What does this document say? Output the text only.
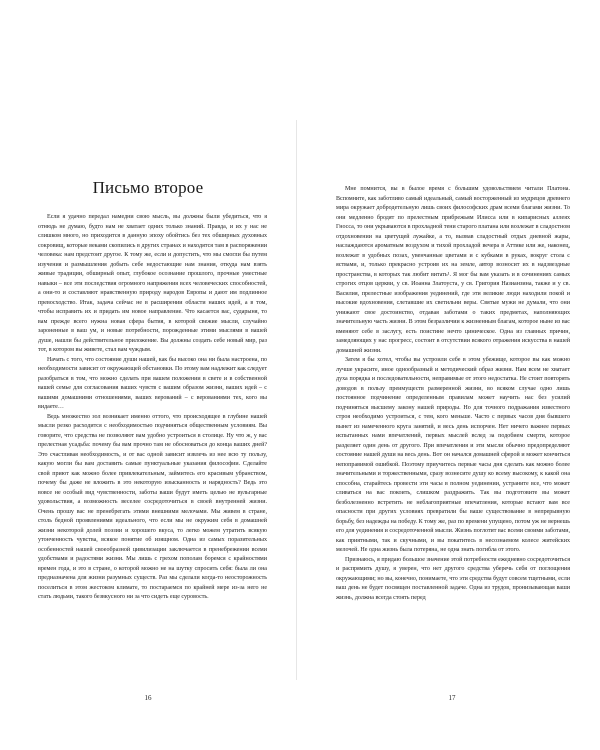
Письмо второе

Если я удачно передал намедни свою мысль, вы должны были убедиться, что я отнюдь не думаю, будто нам не хватает одних только знаний. Правда, и их у нас не слишком много, но приходится в данную эпоху обойтись без тех обширных духовных сокровищ, которые веками скопились в других странах и находятся там в распоряжении человека: нам предстоит другое. К тому же, если и допустить, что мы смогли бы путем изучения и размышления добыть себе недостающие нам знания, откуда нам взять живые традиции, обширный опыт, глубокое осознание прошлого, прочные уместные навыки – все эти последствия огромного напряжения всех человеческих способностей, а они-то и составляют нравственную природу народов Европы и дают им подлинное превосходство. Итак, задача сейчас не в расширении области наших идей, а в том, чтобы исправить их и придать им новое направление. Что касается вас, сударыня, то вам прежде всего нужна новая сфера бытия, в которой свежие мысли, случайно зароненные в ваш ум, и новые потребности, порожденные этими мыслями в вашей душе, нашли бы действительное приложение. Вы должны создать себе новый мир, раз тот, в котором вы живете, стал вам чуждым.

Начать с того, что состояние души нашей, как бы высоко она ни была настроена, по необходимости зависит от окружающей обстановки. По этому вам надлежит как следует разобраться в том, что можно сделать при вашем положении в свете и в собственной вашей семье для согласования ваших чувств с вашим образом жизни, ваших идей – с вашими домашними отношениями, ваших верований – с верованиями тех, кого вы видаете…

Ведь множество зол возникает именно оттого, что происходящее в глубине нашей мысли резко расходится с необходимостью подчиняться общественным условиям. Вы говорите, что средства не позволяют вам удобно устроиться в столице. Ну что ж, у вас прелестная усадьба: почему бы вам прочно там не обосноваться до конца ваших дней? Это счастливая необходимость, и от вас одной зависит извлечь из нее всю ту пользу, какую могли бы вам доставить самые пунктуальные указания философии. Сделайте свой приют как можно более привлекательным, займитесь его красивым убранством, почему бы даже не вложить в это некоторую изысканность и нарядность? Ведь это вовсе не особый вид чувственности, заботы ваши будут иметь целью не вульгарные удовольствия, а возможность веселее сосредоточиться в своей внутренней жизни. Очень прошу вас не пренебрегать этими внешними мелочами. Мы живем в стране, столь бедной проявлениями идеального, что если мы не окружим себя в домашней жизни некоторой долей поэзии и хорошего вкуса, то легко можем утратить всякую утонченность чувства, всякое понятие об изящном. Одна из самых поразительных особенностей нашей своеобразной цивилизации заключается в пренебрежении всеми удобствами и радостями жизни. Мы лишь с грехом пополам боремся с крайностями времен года, и это в стране, о которой можно не на шутку спросить себя: была ли она предназначена для жизни разумных существ. Раз мы сделали когда-то неосторожность поселиться в этом жестоком климате, то постараемся по крайней мере из-за него не стать людьми, такого безвкусного ни за что сидеть еще суровость.

16

Мне помнится, вы в былое время с большим удовольствием читали Платона. Вспомните, как заботливо самый идеальный, самый восторженный из мудрецов древнего мира окружает добродетельную лишь своих философских драм всеми благами жизни. То они медленно бродят по прелестным прибрежьям Илисса или в кипарисных аллеях Гносса, то они укрываются в прохладной тени старого платана или возлежат в сладостном отдохновении на цветущей лужайке, а то, вызвав сладостный отдых дневной жары, наслаждаются ароматным воздухом и тихой прохладой вечера в Аттике или же, наконец, возлежат в удобных позах, увенчанные цветами и с кубками в руках, вокруг стола с яствами, и, только прекрасно устроив их на земле, автор возносит их в надзвездные пространства, в которых так любит витать¹. Я мог бы вам указать и в сочинениях самых строгих отцов церкви, у св. Иоанна Златоуста, у св. Григория Назианзина, также и у св. Василия, прелестные изображения уединений, где эти великие люди находили покой и высокие вдохновения, слетавшие их светильни веры. Святые мужи не думали, что они унижают свое достоинство, отдавая заботами о таких предметах, наполняющих значительную часть жизни. В этом безразличии к жизненным благам, которое ныне из вас вменяют себе в заслугу, есть поистине нечто циническое. Одна из главных причин, замедляющих у нас прогресс, состоит в отсутствии всякого отражения искусства в нашей домашней жизни.

Затем я бы хотел, чтобы вы устроили себе в этом убежище, которое вы как можно лучше украсите, иное однообразный и методический образ жизни. Нам всем не хватает духа порядка и последовательности, неправимые от этого недостатка. Не стоит повторять доводов в пользу преимуществ размеренной жизни, во всяком случае одно лишь постоянное подчинение определенным правилам может научить нас без усилий подчиняться высшему закону нашей природы. Но для точного подражания известного строя необходимо устроиться, с тем, кого меньше. Часто с первых часов дня бывшего вынет из намеченного круга занятий, и весь день испорчен. Нет ничего важнее первых испытанных нами впечатлений, первых мыслей вслед за подобием смерти, которое разделяет один день от другого. При впечатления и эти мысли обычно предопределяют состояние нашей души на весь день. Вот он начался домашней сферой и может кончиться непоправимой ошибкой. Поэтому приучитесь первые часы дня сделать как можно более значительными и торжественными, сразу вознесите душу ко всему высокому, к какой она способна, старайтесь провести эти часы в полном уединении, устраните все, что может сливаться на вас покоить, слишком раздражить. Так вы подготовите вы может безболезненно встретить не неблагоприятные впечатления, которые встают вам все опасности при других условиях превратили бы ваше существование в непрерывную борьбу, без надежды на победу. К тому же, раз по времени упущено, потом уж не вернешь его для уединения и сосредоточенной мысли. Жизнь поглотит вас всеми своими заботами, как приятными, так и скучными, и вы покатитесь в несознаемом колесе житейских мелочей. Не одна жизнь была потеряна, не одна знать погибла от этого.

Признаюсь, я придаю большое значение этой потребности ежедневно сосредоточиться и распрямить душу, я уверен, что нет другого средства уберечь себя от поглощения окружающими; но вы, конечно, понимаете, что эти средства будут совсем тщетными, если ваш день не будет посвящен поставленной задаче. Одна из трудов, пронизывающая ваши жизнь, должна всегда стоять перед

17
